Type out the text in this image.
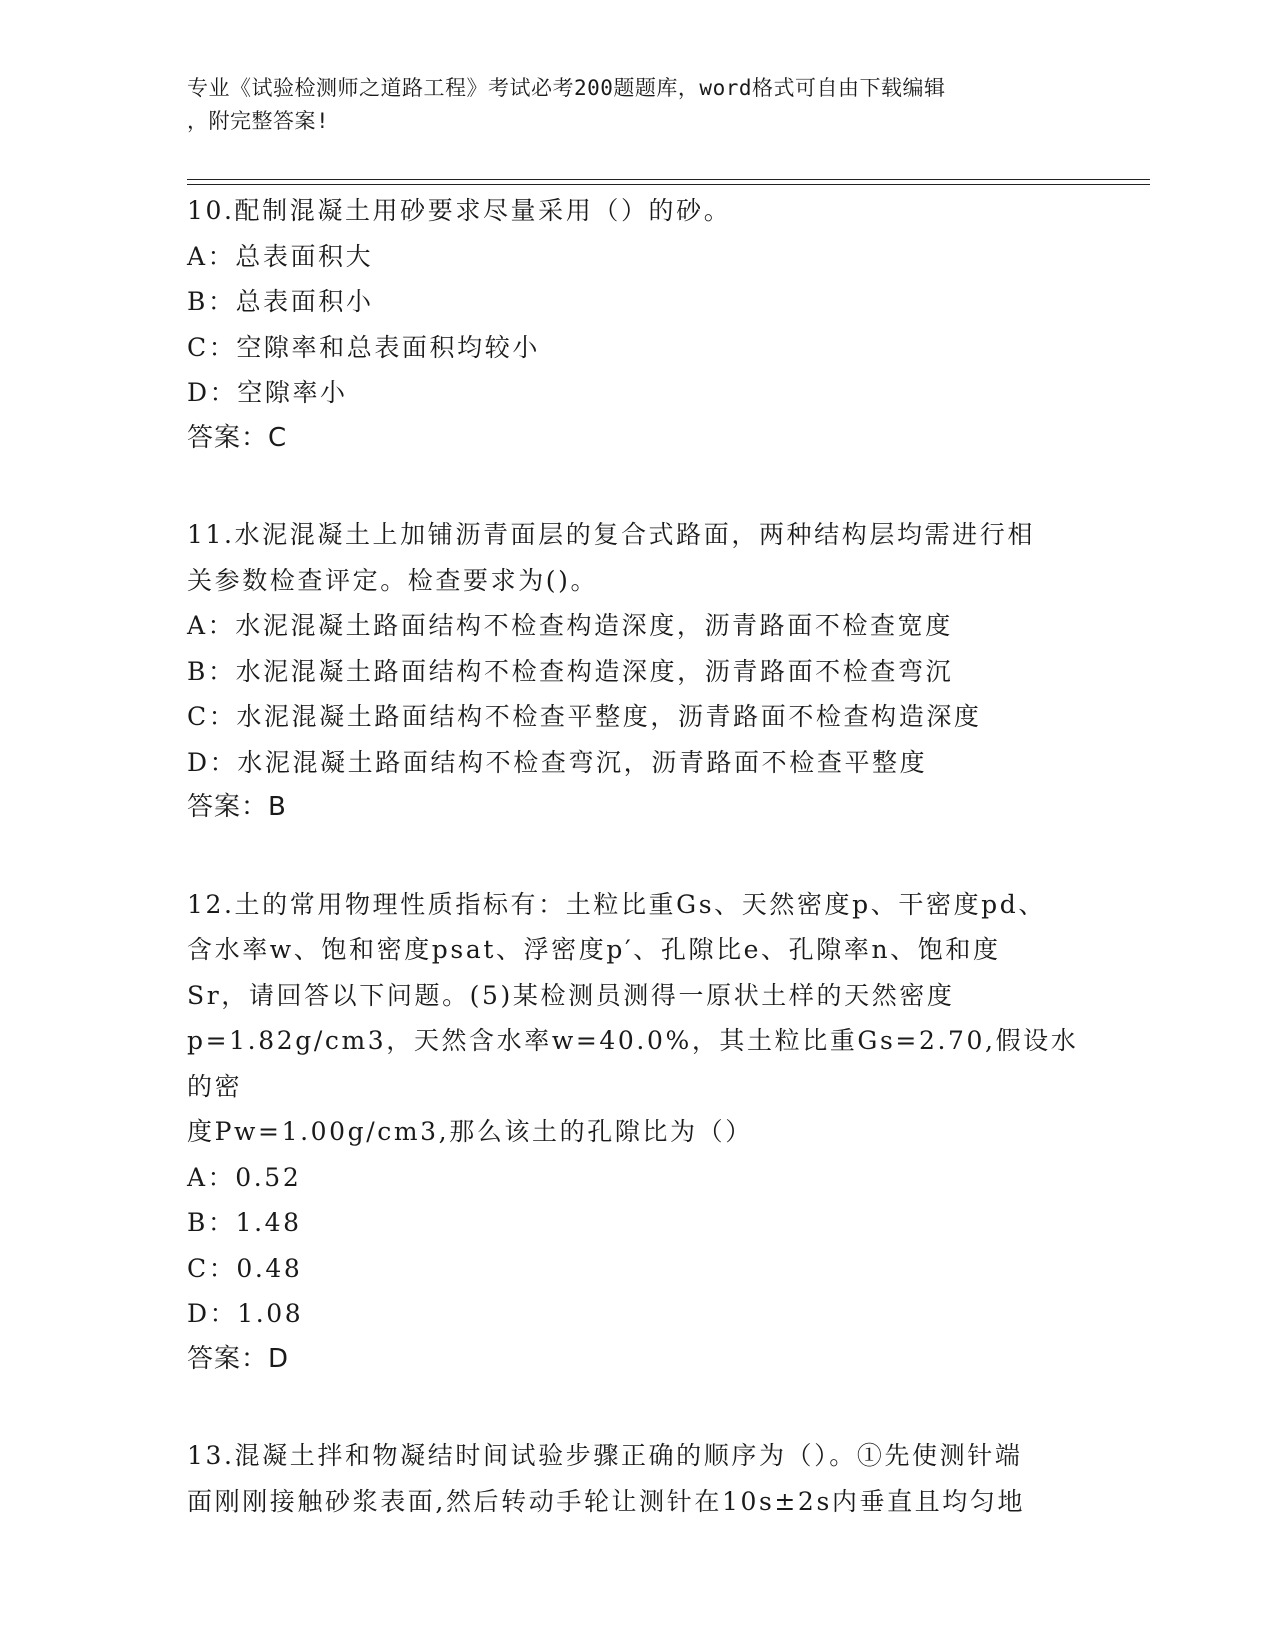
专业《试验检测师之道路工程》考试必考200题题库，word格式可自由下载编辑
，附完整答案!
10.配制混凝土用砂要求尽量采用（）的砂。
A：总表面积大
B：总表面积小
C：空隙率和总表面积均较小
D：空隙率小
答案：C
11.水泥混凝土上加铺沥青面层的复合式路面，两种结构层均需进行相
关参数检查评定。检查要求为()。
A：水泥混凝土路面结构不检查构造深度，沥青路面不检查宽度
B：水泥混凝土路面结构不检查构造深度，沥青路面不检查弯沉
C：水泥混凝土路面结构不检查平整度，沥青路面不检查构造深度
D：水泥混凝土路面结构不检查弯沉，沥青路面不检查平整度
答案：B
12.土的常用物理性质指标有：土粒比重Gs、天然密度p、干密度pd、
含水率w、饱和密度psat、浮密度p′、孔隙比e、孔隙率n、饱和度
Sr，请回答以下问题。(5)某检测员测得一原状土样的天然密度
p=1.82g/cm3，天然含水率w=40.0%，其土粒比重Gs=2.70,假设水的密
度Pw=1.00g/cm3,那么该土的孔隙比为（）
A：0.52
B：1.48
C：0.48
D：1.08
答案：D
13.混凝土拌和物凝结时间试验步骤正确的顺序为（）。①先使测针端
面刚刚接触砂浆表面,然后转动手轮让测针在10s±2s内垂直且均匀地
